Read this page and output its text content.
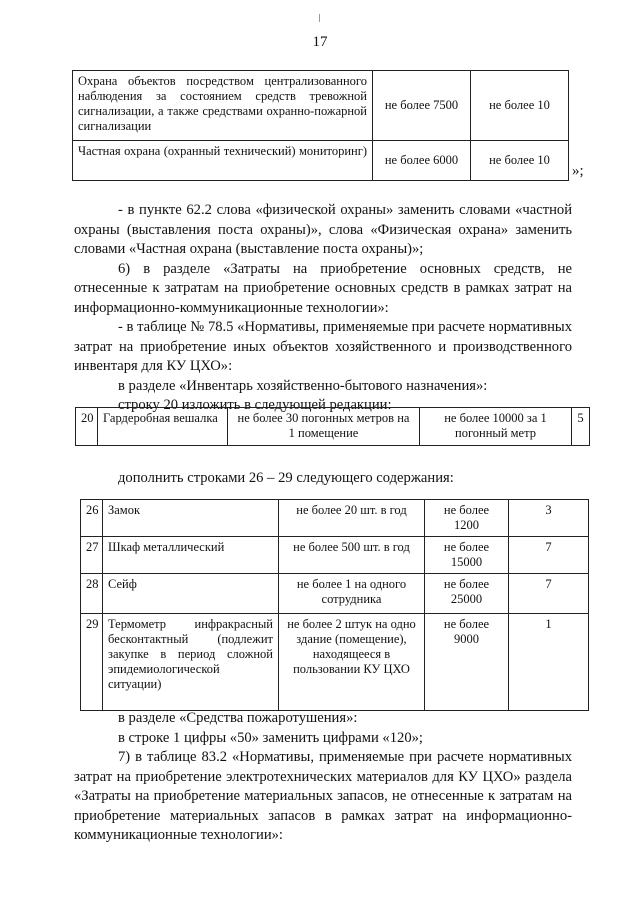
17
Охрана объектов посредством централизованного наблюдения за состоянием средств тревожной сигнализации, а также средствами охранно-пожарной сигнализации	не более 7500	не более 10
Частная охрана (охранный технический) мониторинг)	не более 6000	не более 10
»;

- в пункте 62.2 слова «физической охраны» заменить словами «частной охраны (выставления поста охраны)», слова «Физическая охрана» заменить словами «Частная охрана (выставление поста охраны)»;

6) в разделе «Затраты на приобретение основных средств, не отнесенные к затратам на приобретение основных средств в рамках затрат на информационно-коммуникационные технологии»:

- в таблице № 78.5 «Нормативы, применяемые при расчете нормативных затрат на приобретение иных объектов хозяйственного и производственного инвентаря для КУ ЦХО»:

в разделе «Инвентарь хозяйственно-бытового назначения»:

строку 20 изложить в следующей редакции:

20	Гардеробная вешалка	не более 30 погонных метров на 1 помещение	не более 10000 за 1 погонный метр	5
дополнить строками 26 – 29 следующего содержания:
26	Замок	не более 20 шт. в год	не более 1200	3
27	Шкаф металлический	не более 500 шт. в год	не более 15000	7
28	Сейф	не более 1 на одного сотрудника	не более 25000	7
29	Термометр инфракрасный бесконтактный (подлежит закупке в период сложной эпидемиологической ситуации)	не более 2 штук на одно здание (помещение), находящееся в пользовании КУ ЦХО	не более 9000	1

в разделе «Средства пожаротушения»:

в строке 1 цифры «50» заменить цифрами «120»;

7) в таблице 83.2 «Нормативы, применяемые при расчете нормативных затрат на приобретение электротехнических материалов для КУ ЦХО» раздела «Затраты на приобретение материальных запасов, не отнесенные к затратам на приобретение материальных запасов в рамках затрат на информационно-коммуникационные технологии»:
